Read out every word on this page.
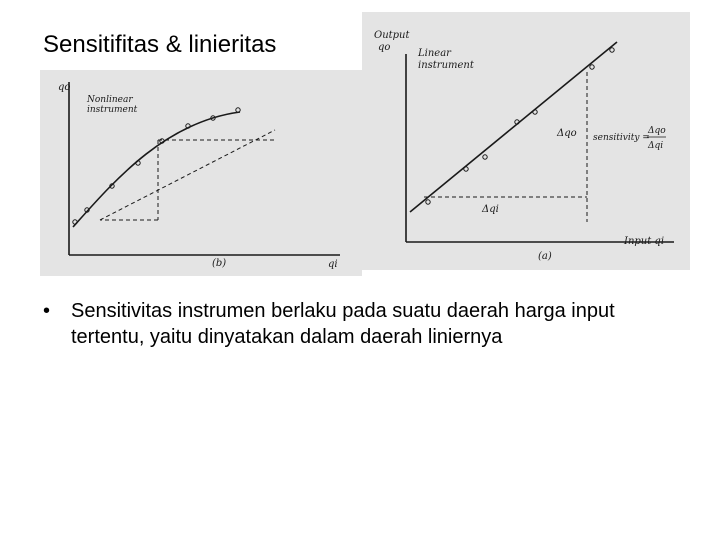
Sensitifitas & linieritas
qo
qi
Nonlinear
instrument
(b)
Output
qo
Linear
instrument
Δqo
Δqi
sensitivity =
Δqo
Δqi
Input qi
(a)
•	Sensitivitas instrumen berlaku pada suatu daerah harga input tertentu, yaitu dinyatakan dalam daerah liniernya
